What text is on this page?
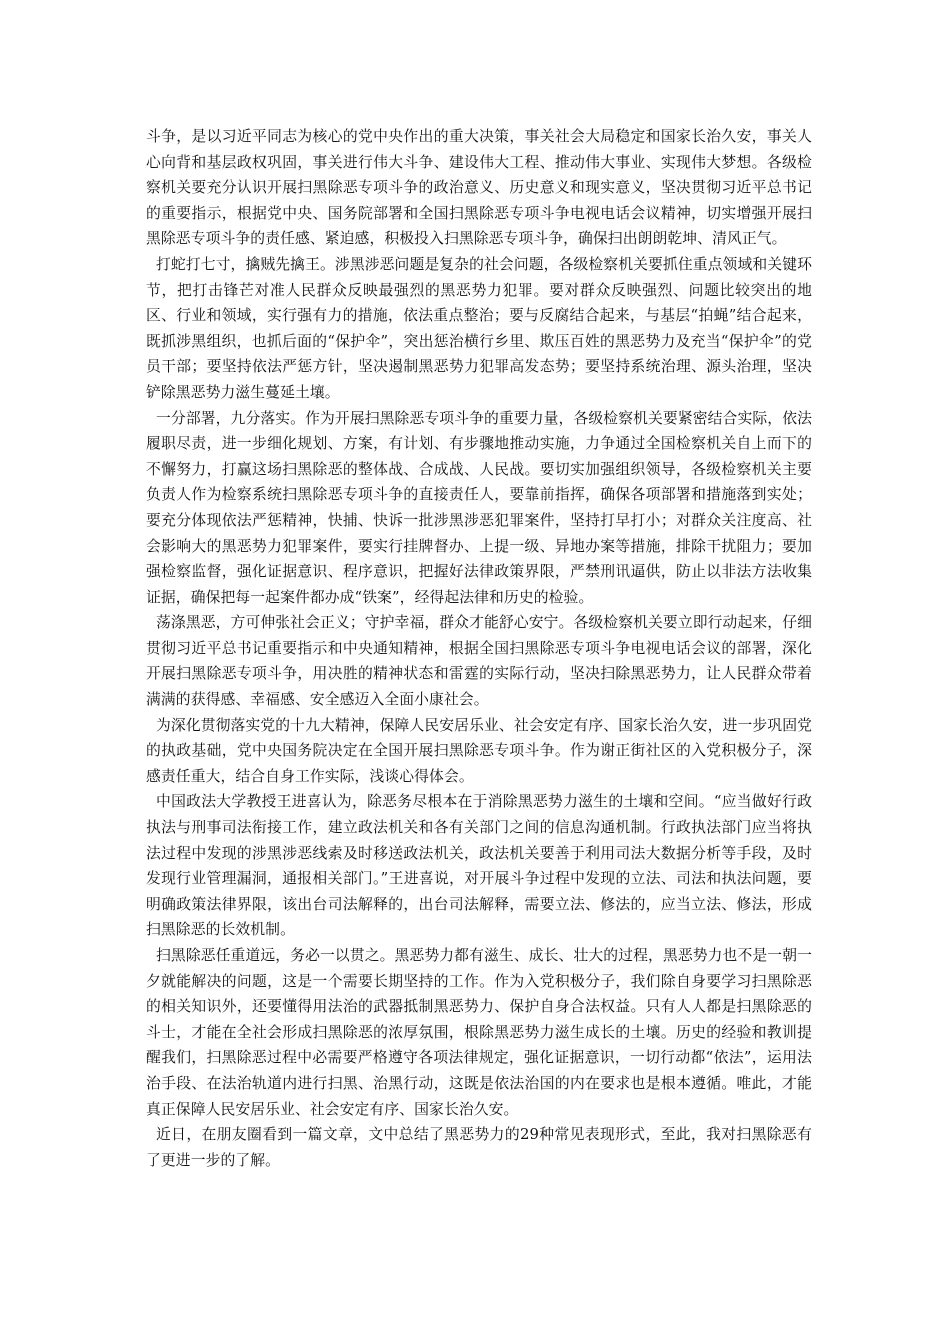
斗争，是以习近平同志为核心的党中央作出的重大决策，事关社会大局稳定和国家长治久安，事关人心向背和基层政权巩固，事关进行伟大斗争、建设伟大工程、推动伟大事业、实现伟大梦想。各级检察机关要充分认识开展扫黑除恶专项斗争的政治意义、历史意义和现实意义，坚决贯彻习近平总书记的重要指示，根据党中央、国务院部署和全国扫黑除恶专项斗争电视电话会议精神，切实增强开展扫黑除恶专项斗争的责任感、紧迫感，积极投入扫黑除恶专项斗争，确保扫出朗朗乾坤、清风正气。

打蛇打七寸，擒贼先擒王。涉黑涉恶问题是复杂的社会问题，各级检察机关要抓住重点领域和关键环节，把打击锋芒对准人民群众反映最强烈的黑恶势力犯罪。要对群众反映强烈、问题比较突出的地区、行业和领域，实行强有力的措施，依法重点整治；要与反腐结合起来，与基层“拍蝇”结合起来，既抓涉黑组织，也抓后面的“保护伞”，突出惩治横行乡里、欺压百姓的黑恶势力及充当“保护伞”的党员干部；要坚持依法严惩方针，坚决遏制黑恶势力犯罪高发态势；要坚持系统治理、源头治理，坚决铲除黑恶势力滋生蔓延土壤。

一分部署，九分落实。作为开展扫黑除恶专项斗争的重要力量，各级检察机关要紧密结合实际，依法履职尽责，进一步细化规划、方案，有计划、有步骤地推动实施，力争通过全国检察机关自上而下的不懈努力，打赢这场扫黑除恶的整体战、合成战、人民战。要切实加强组织领导，各级检察机关主要负责人作为检察系统扫黑除恶专项斗争的直接责任人，要靠前指挥，确保各项部署和措施落到实处；要充分体现依法严惩精神，快捕、快诉一批涉黑涉恶犯罪案件，坚持打早打小；对群众关注度高、社会影响大的黑恶势力犯罪案件，要实行挂牌督办、上提一级、异地办案等措施，排除干扰阻力；要加强检察监督，强化证据意识、程序意识，把握好法律政策界限，严禁刑讯逼供，防止以非法方法收集证据，确保把每一起案件都办成“铁案”，经得起法律和历史的检验。

荡涤黑恶，方可伸张社会正义；守护幸福，群众才能舒心安宁。各级检察机关要立即行动起来，仔细贯彻习近平总书记重要指示和中央通知精神，根据全国扫黑除恶专项斗争电视电话会议的部署，深化开展扫黑除恶专项斗争，用决胜的精神状态和雷霆的实际行动，坚决扫除黑恶势力，让人民群众带着满满的获得感、幸福感、安全感迈入全面小康社会。

为深化贯彻落实党的十九大精神，保障人民安居乐业、社会安定有序、国家长治久安，进一步巩固党的执政基础，党中央国务院决定在全国开展扫黑除恶专项斗争。作为谢正街社区的入党积极分子，深感责任重大，结合自身工作实际，浅谈心得体会。

中国政法大学教授王进喜认为，除恶务尽根本在于消除黑恶势力滋生的土壤和空间。“应当做好行政执法与刑事司法衔接工作，建立政法机关和各有关部门之间的信息沟通机制。行政执法部门应当将执法过程中发现的涉黑涉恶线索及时移送政法机关，政法机关要善于利用司法大数据分析等手段，及时发现行业管理漏洞，通报相关部门。”王进喜说，对开展斗争过程中发现的立法、司法和执法问题，要明确政策法律界限，该出台司法解释的，出台司法解释，需要立法、修法的，应当立法、修法，形成扫黑除恶的长效机制。

扫黑除恶任重道远，务必一以贯之。黑恶势力都有滋生、成长、壮大的过程，黑恶势力也不是一朝一夕就能解决的问题，这是一个需要长期坚持的工作。作为入党积极分子，我们除自身要学习扫黑除恶的相关知识外，还要懂得用法治的武器抵制黑恶势力、保护自身合法权益。只有人人都是扫黑除恶的斗士，才能在全社会形成扫黑除恶的浓厚氛围，根除黑恶势力滋生成长的土壤。历史的经验和教训提醒我们，扫黑除恶过程中必需要严格遵守各项法律规定，强化证据意识，一切行动都“依法”，运用法治手段、在法治轨道内进行扫黑、治黑行动，这既是依法治国的内在要求也是根本遵循。唯此，才能真正保障人民安居乐业、社会安定有序、国家长治久安。

近日，在朋友圈看到一篇文章，文中总结了黑恶势力的29种常见表现形式，至此，我对扫黑除恶有了更进一步的了解。
